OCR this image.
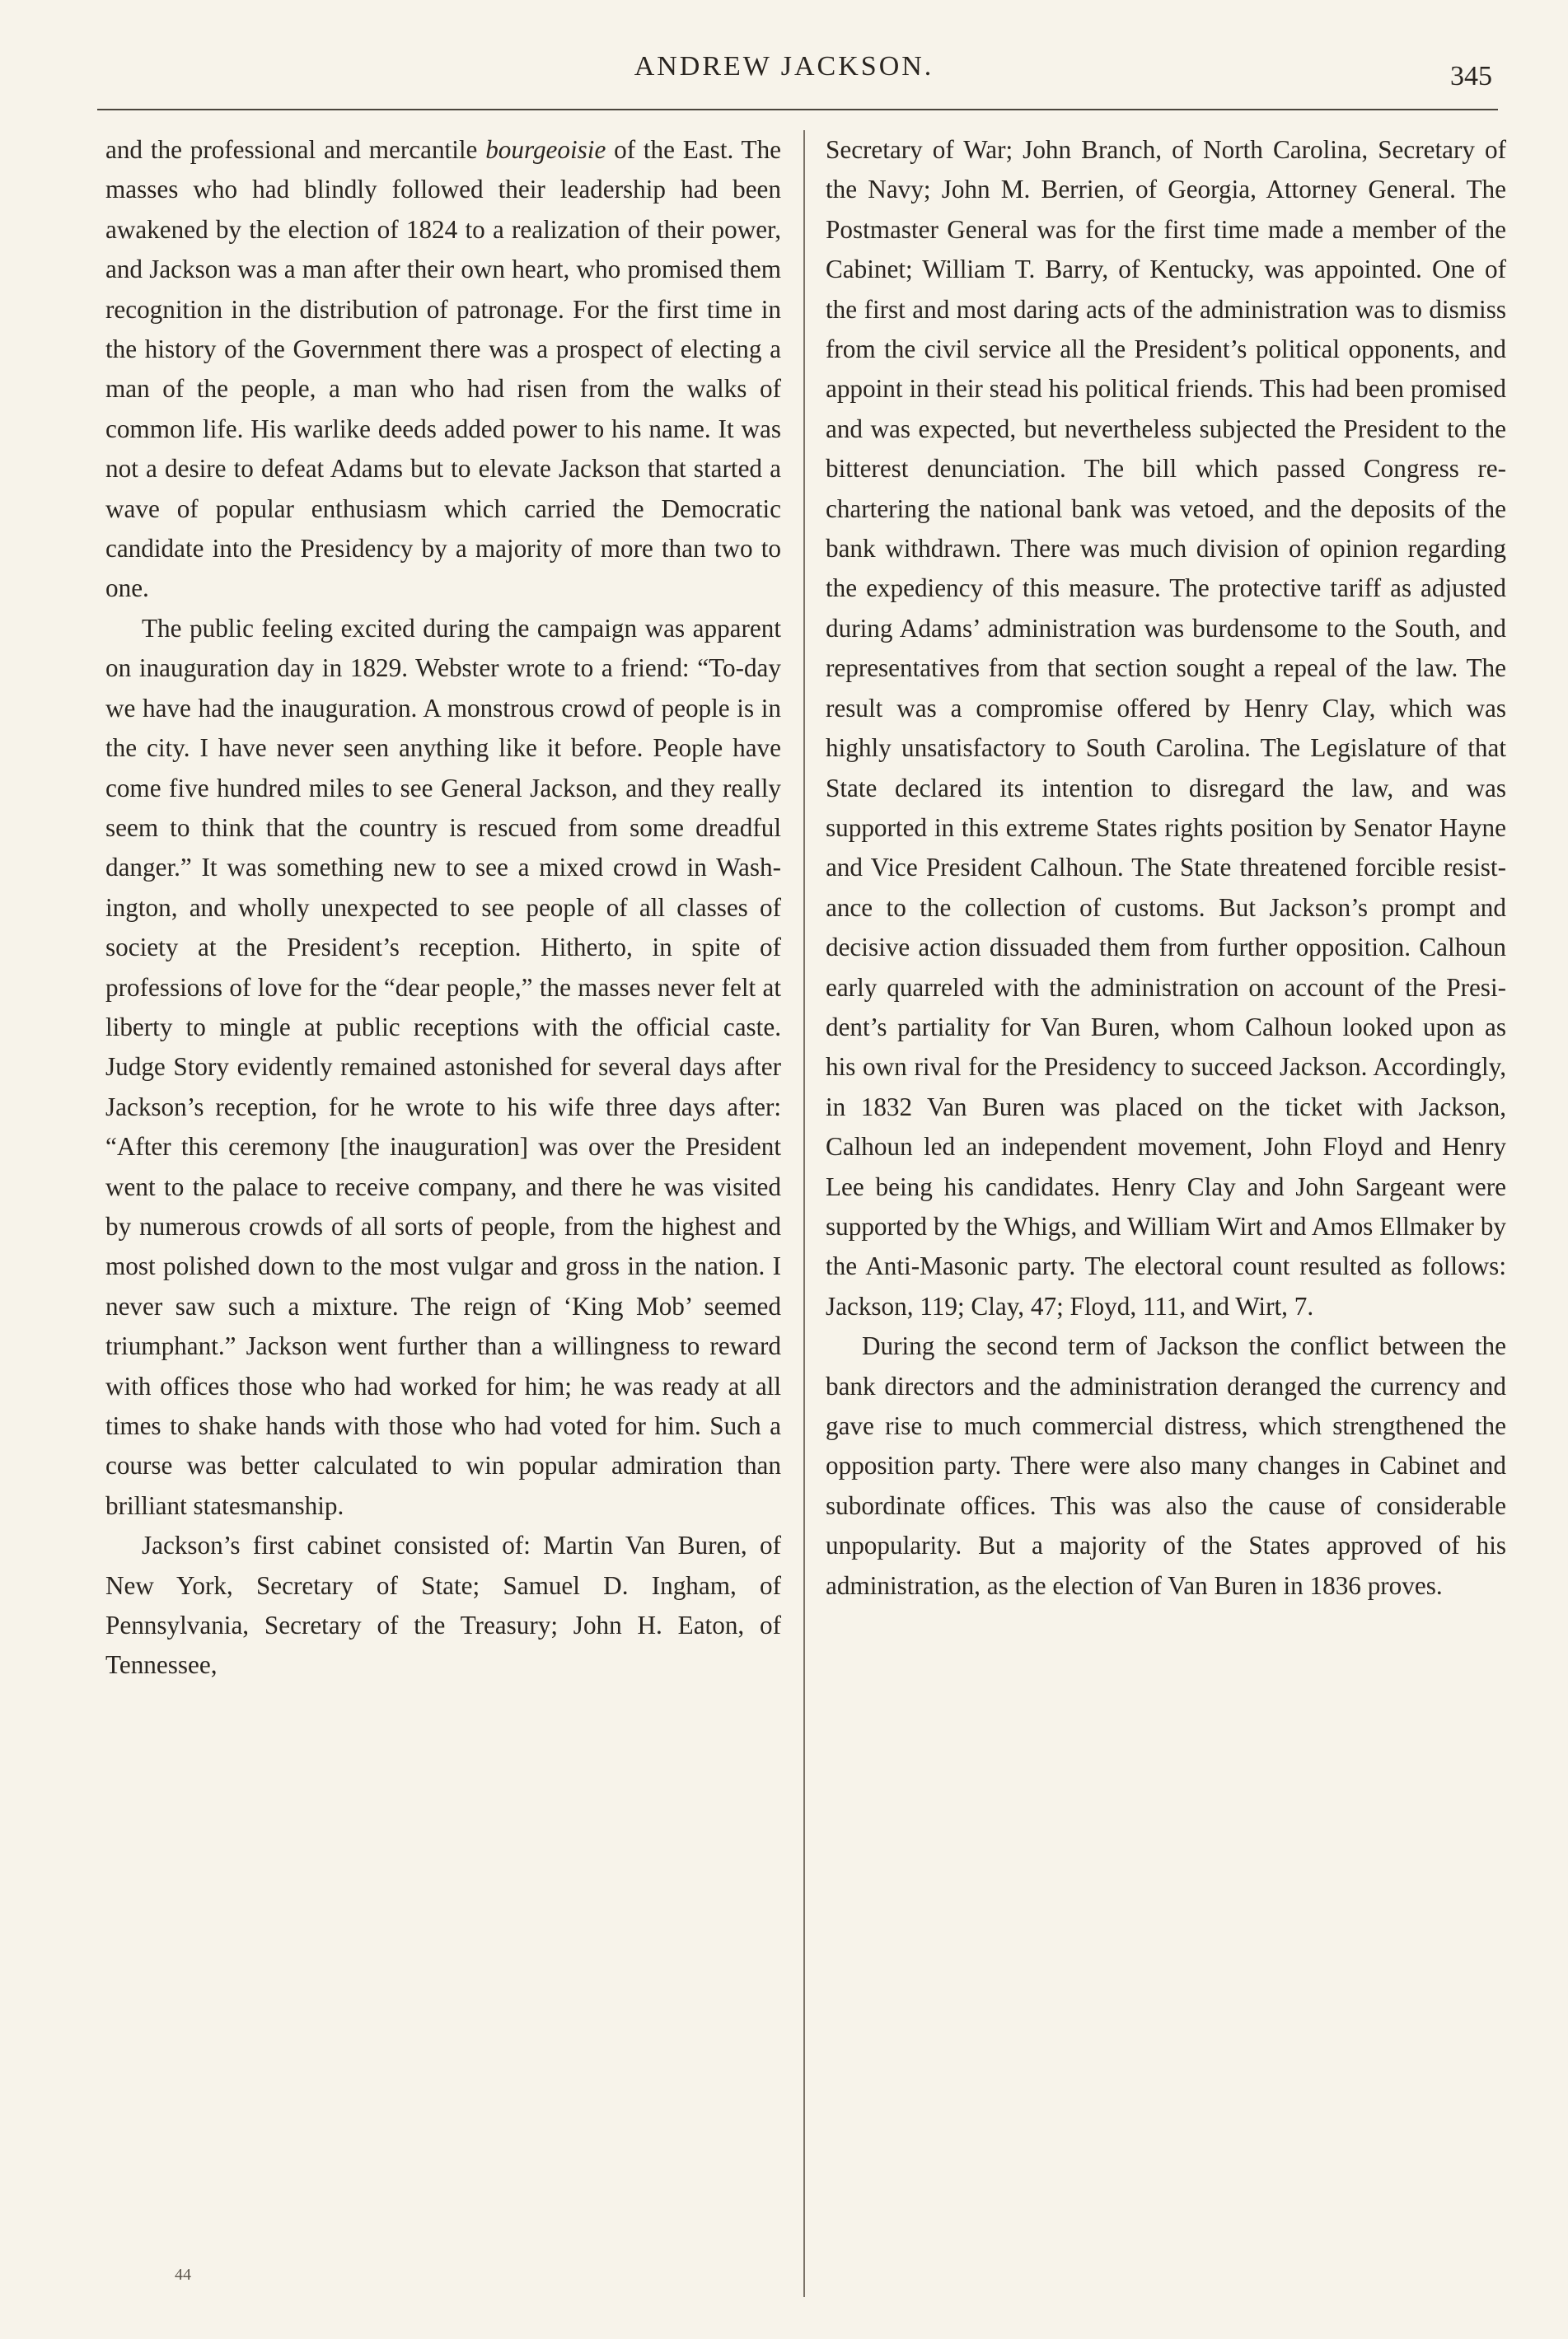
ANDREW JACKSON.	345

and the professional and mercantile bourgeoisie of the East. The masses who had blindly followed their leadership had been awakened by the election of 1824 to a realization of their power, and Jackson was a man after their own heart, who promised them recognition in the distribution of patronage. For the first time in the history of the Government there was a prospect of electing a man of the people, a man who had risen from the walks of common life. His warlike deeds added power to his name. It was not a desire to defeat Adams but to elevate Jackson that started a wave of popular enthusiasm which carried the Democratic candidate into the Presidency by a majority of more than two to one.

The public feeling excited during the campaign was apparent on inauguration day in 1829. Webster wrote to a friend: “To-day we have had the inauguration. A monstrous crowd of people is in the city. I have never seen anything like it before. People have come five hundred miles to see General Jackson, and they really seem to think that the country is rescued from some dreadful danger.” It was something new to see a mixed crowd in Washington, and wholly unexpected to see people of all classes of society at the President’s reception. Hitherto, in spite of professions of love for the “dear people,” the masses never felt at liberty to mingle at public receptions with the official caste. Judge Story evidently remained astonished for several days after Jackson’s reception, for he wrote to his wife three days after: “After this ceremony [the inauguration] was over the President went to the palace to receive company, and there he was visited by numerous crowds of all sorts of people, from the highest and most polished down to the most vulgar and gross in the nation. I never saw such a mixture. The reign of ‘King Mob’ seemed triumphant.” Jackson went further than a willingness to reward with offices those who had worked for him; he was ready at all times to shake hands with those who had voted for him. Such a course was better calculated to win popular admiration than brilliant statesmanship.

Jackson’s first cabinet consisted of: Martin Van Buren, of New York, Secretary of State; Samuel D. Ingham, of Pennsylvania, Secretary of the Treasury; John H. Eaton, of Tennessee,

Secretary of War; John Branch, of North Carolina, Secretary of the Navy; John M. Berrien, of Georgia, Attorney General. The Postmaster General was for the first time made a member of the Cabinet; William T. Barry, of Kentucky, was appointed. One of the first and most daring acts of the administration was to dismiss from the civil service all the President’s political opponents, and appoint in their stead his political friends. This had been promised and was expected, but nevertheless subjected the President to the bitterest denunciation. The bill which passed Congress re-chartering the national bank was vetoed, and the deposits of the bank withdrawn. There was much division of opinion regarding the expediency of this measure. The protective tariff as adjusted during Adams’ administration was burdensome to the South, and representatives from that section sought a repeal of the law. The result was a compromise offered by Henry Clay, which was highly unsatisfactory to South Carolina. The Legislature of that State declared its intention to disregard the law, and was supported in this extreme States rights position by Senator Hayne and Vice President Calhoun. The State threatened forcible resistance to the collection of customs. But Jackson’s prompt and decisive action dissuaded them from further opposition. Calhoun early quarreled with the administration on account of the President’s partiality for Van Buren, whom Calhoun looked upon as his own rival for the Presidency to succeed Jackson. Accordingly, in 1832 Van Buren was placed on the ticket with Jackson, Calhoun led an independent movement, John Floyd and Henry Lee being his candidates. Henry Clay and John Sargeant were supported by the Whigs, and William Wirt and Amos Ellmaker by the Anti-Masonic party. The electoral count resulted as follows: Jackson, 119; Clay, 47; Floyd, 111, and Wirt, 7.

During the second term of Jackson the conflict between the bank directors and the administration deranged the currency and gave rise to much commercial distress, which strengthened the opposition party. There were also many changes in Cabinet and subordinate offices. This was also the cause of considerable unpopularity. But a majority of the States approved of his administration, as the election of Van Buren in 1836 proves.

44
